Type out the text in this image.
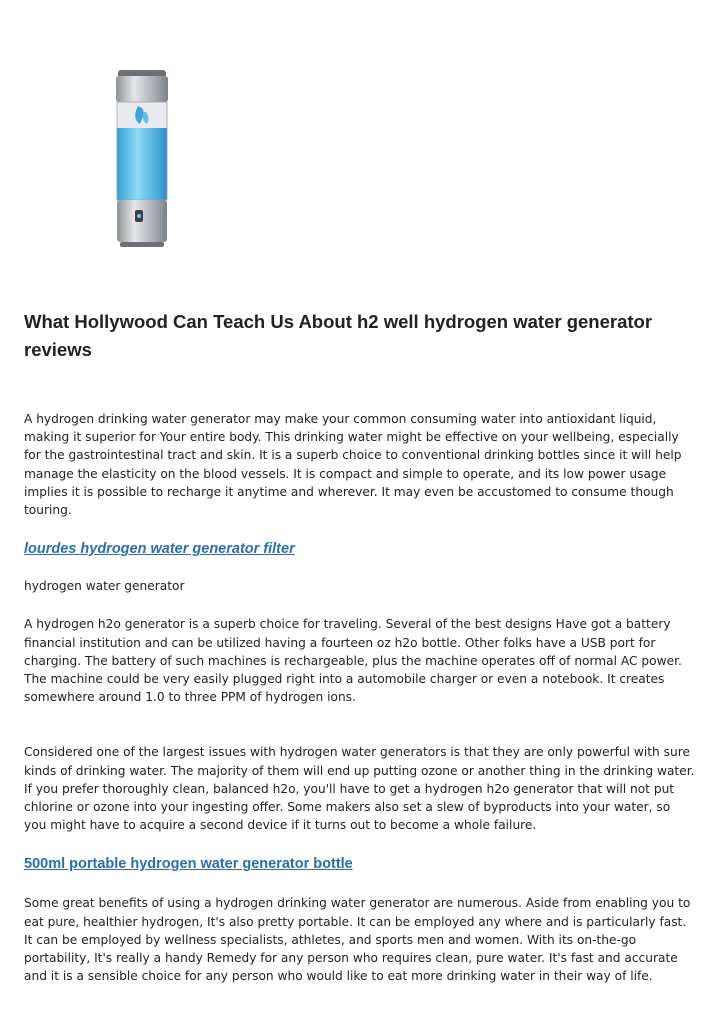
What Hollywood Can Teach Us About h2 well hydrogen water generator reviews

A hydrogen drinking water generator may make your common consuming water into antioxidant liquid, making it superior for Your entire body. This drinking water might be effective on your wellbeing, especially for the gastrointestinal tract and skin. It is a superb choice to conventional drinking bottles since it will help manage the elasticity on the blood vessels. It is compact and simple to operate, and its low power usage implies it is possible to recharge it anytime and wherever. It may even be accustomed to consume though touring.

lourdes hydrogen water generator filter

hydrogen water generator

A hydrogen h2o generator is a superb choice for traveling. Several of the best designs Have got a battery financial institution and can be utilized having a fourteen oz h2o bottle. Other folks have a USB port for charging. The battery of such machines is rechargeable, plus the machine operates off of normal AC power. The machine could be very easily plugged right into a automobile charger or even a notebook. It creates somewhere around 1.0 to three PPM of hydrogen ions.

Considered one of the largest issues with hydrogen water generators is that they are only powerful with sure kinds of drinking water. The majority of them will end up putting ozone or another thing in the drinking water. If you prefer thoroughly clean, balanced h2o, you'll have to get a hydrogen h2o generator that will not put chlorine or ozone into your ingesting offer. Some makers also set a slew of byproducts into your water, so you might have to acquire a second device if it turns out to become a whole failure.

500ml portable hydrogen water generator bottle

Some great benefits of using a hydrogen drinking water generator are numerous. Aside from enabling you to eat pure, healthier hydrogen, It's also pretty portable. It can be employed any where and is particularly fast. It can be employed by wellness specialists, athletes, and sports men and women. With its on-the-go portability, It's really a handy Remedy for any person who requires clean, pure water. It's fast and accurate and it is a sensible choice for any person who would like to eat more drinking water in their way of life.
